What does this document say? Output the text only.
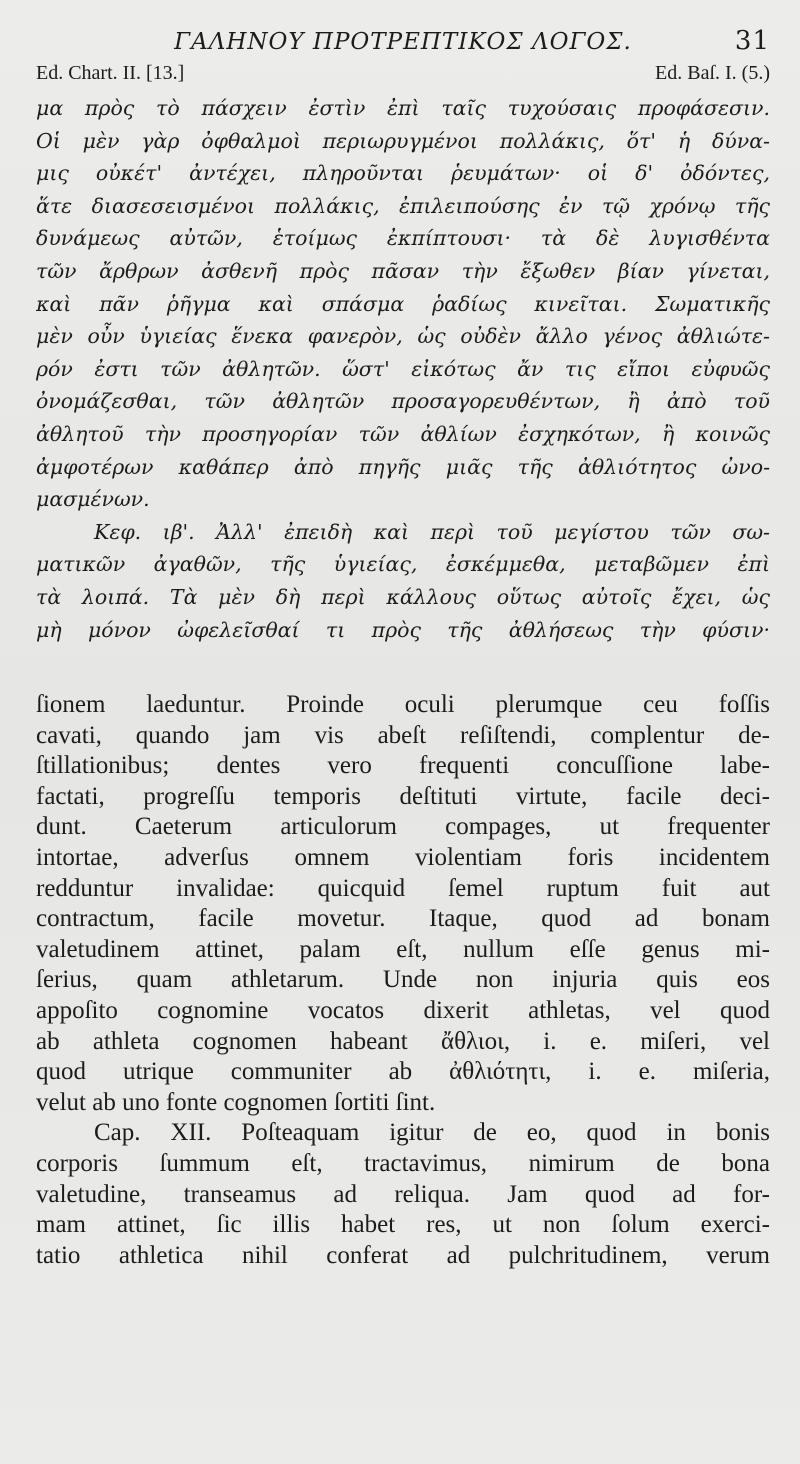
ΓΑΛΗΝΟΥ ΠΡΟΤΡΕΠΤΙΚΟΣ ΛΟΓΟΣ.	31
Ed. Chart. II. [13.]	Ed. Baſ. I. (5.)
μα πρὸς τὸ πάσχειν ἐστὶν ἐπὶ ταῖς τυχούσαις προφάσεσιν.
Οἱ μὲν γὰρ ὀφθαλμοὶ περιωρυγμένοι πολλάκις, ὅτ' ἡ δύνα-
μις οὐκέτ' ἀντέχει, πληροῦνται ῥευμάτων· οἱ δ' ὀδόντες,
ἅτε διασεσεισμένοι πολλάκις, ἐπιλειπούσης ἐν τῷ χρόνῳ τῆς
δυνάμεως αὐτῶν, ἑτοίμως ἐκπίπτουσι· τὰ δὲ λυγισθέντα
τῶν ἄρθρων ἀσθενῆ πρὸς πᾶσαν τὴν ἔξωθεν βίαν γίνεται,
καὶ πᾶν ῥῆγμα καὶ σπάσμα ῥαδίως κινεῖται. Σωματικῆς
μὲν οὖν ὑγιείας ἕνεκα φανερὸν, ὡς οὐδὲν ἄλλο γένος ἀθλιώτε-
ρόν ἐστι τῶν ἀθλητῶν. ὥστ' εἰκότως ἄν τις εἴποι εὐφυῶς
ὀνομάζεσθαι, τῶν ἀθλητῶν προσαγορευθέντων, ἢ ἀπὸ τοῦ
ἀθλητοῦ τὴν προσηγορίαν τῶν ἀθλίων ἐσχηκότων, ἢ κοινῶς
ἀμφοτέρων καθάπερ ἀπὸ πηγῆς μιᾶς τῆς ἀθλιότητος ὠνο-
μασμένων.
Κεφ. ιβ'. Ἀλλ' ἐπειδὴ καὶ περὶ τοῦ μεγίστου τῶν σω-
ματικῶν ἀγαθῶν, τῆς ὑγιείας, ἐσκέμμεθα, μεταβῶμεν ἐπὶ
τὰ λοιπά. Τὰ μὲν δὴ περὶ κάλλους οὕτως αὐτοῖς ἔχει, ὡς
μὴ μόνον ὠφελεῖσθαί τι πρὸς τῆς ἀθλήσεως τὴν φύσιν·
ſionem laeduntur. Proinde oculi plerumque ceu foſſis
cavati, quando jam vis abeſt reſiſtendi, complentur de-
ſtillationibus; dentes vero frequenti concuſſione labe-
factati, progreſſu temporis deſtituti virtute, facile deci-
dunt. Caeterum articulorum compages, ut frequenter
intortae, adverſus omnem violentiam foris incidentem
redduntur invalidae: quicquid ſemel ruptum fuit aut
contractum, facile movetur. Itaque, quod ad bonam
valetudinem attinet, palam eſt, nullum eſſe genus mi-
ſerius, quam athletarum. Unde non injuria quis eos
appoſito cognomine vocatos dixerit athletas, vel quod
ab athleta cognomen habeant ἄθλιοι, i. e. miſeri, vel
quod utrique communiter ab ἀθλιότητι, i. e. miſeria,
velut ab uno fonte cognomen ſortiti ſint.
Cap. XII. Poſteaquam igitur de eo, quod in bonis
corporis ſummum eſt, tractavimus, nimirum de bona
valetudine, transeamus ad reliqua. Jam quod ad for-
mam attinet, ſic illis habet res, ut non ſolum exerci-
tatio athletica nihil conferat ad pulchritudinem, verum
